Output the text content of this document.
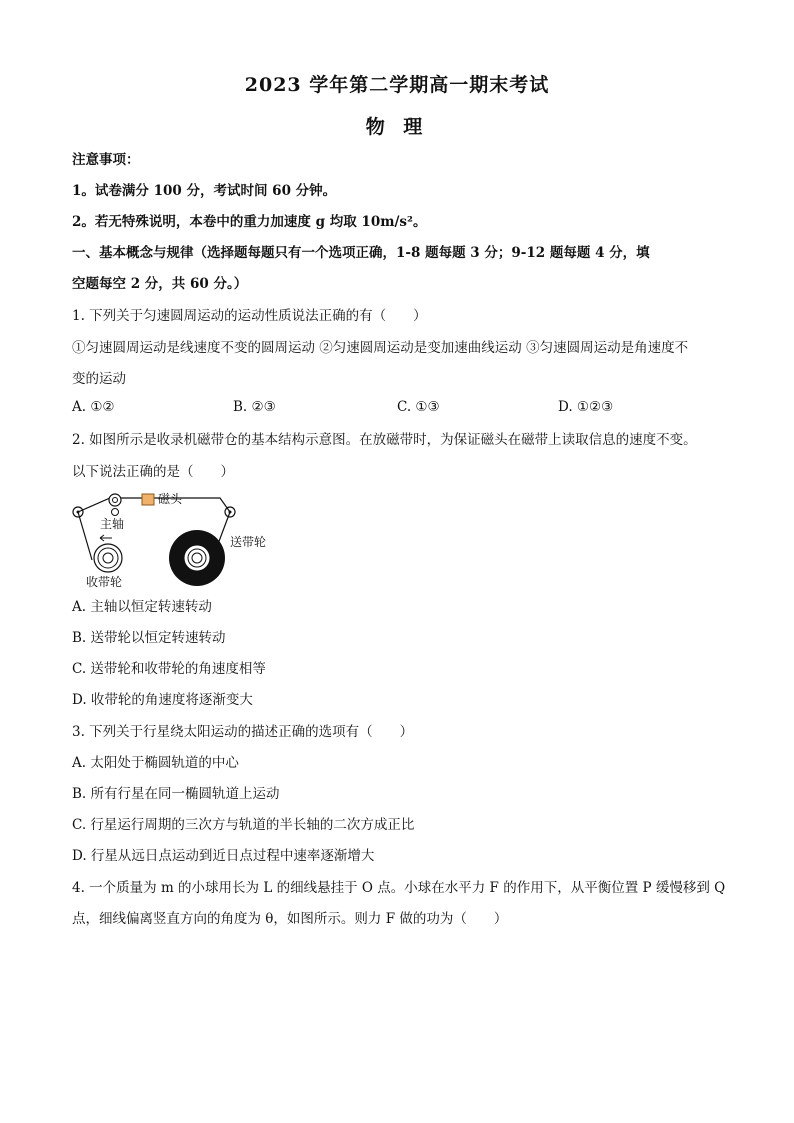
2023 学年第二学期高一期末考试
物 理
注意事项：
1。试卷满分 100 分，考试时间 60 分钟。
2。若无特殊说明，本卷中的重力加速度 g 均取 10m/s²。
一、基本概念与规律（选择题每题只有一个选项正确，1-8 题每题 3 分；9-12 题每题 4 分，填
空题每空 2 分，共 60 分。）
1. 下列关于匀速圆周运动的运动性质说法正确的有（　　）
①匀速圆周运动是线速度不变的圆周运动 ②匀速圆周运动是变加速曲线运动 ③匀速圆周运动是角速度不
变的运动
A. ①②	B. ②③	C. ①③	D. ①②③
2. 如图所示是收录机磁带仓的基本结构示意图。在放磁带时，为保证磁头在磁带上读取信息的速度不变。
以下说法正确的是（　　）
主轴
磁头
收带轮
送带轮
A. 主轴以恒定转速转动
B. 送带轮以恒定转速转动
C. 送带轮和收带轮的角速度相等
D. 收带轮的角速度将逐渐变大
3. 下列关于行星绕太阳运动的描述正确的选项有（　　）
A. 太阳处于椭圆轨道的中心
B. 所有行星在同一椭圆轨道上运动
C. 行星运行周期的三次方与轨道的半长轴的二次方成正比
D. 行星从远日点运动到近日点过程中速率逐渐增大
4. 一个质量为 m 的小球用长为 L 的细线悬挂于 O 点。小球在水平力 F 的作用下，从平衡位置 P 缓慢移到 Q
点，细线偏离竖直方向的角度为 θ，如图所示。则力 F 做的功为（　　）
